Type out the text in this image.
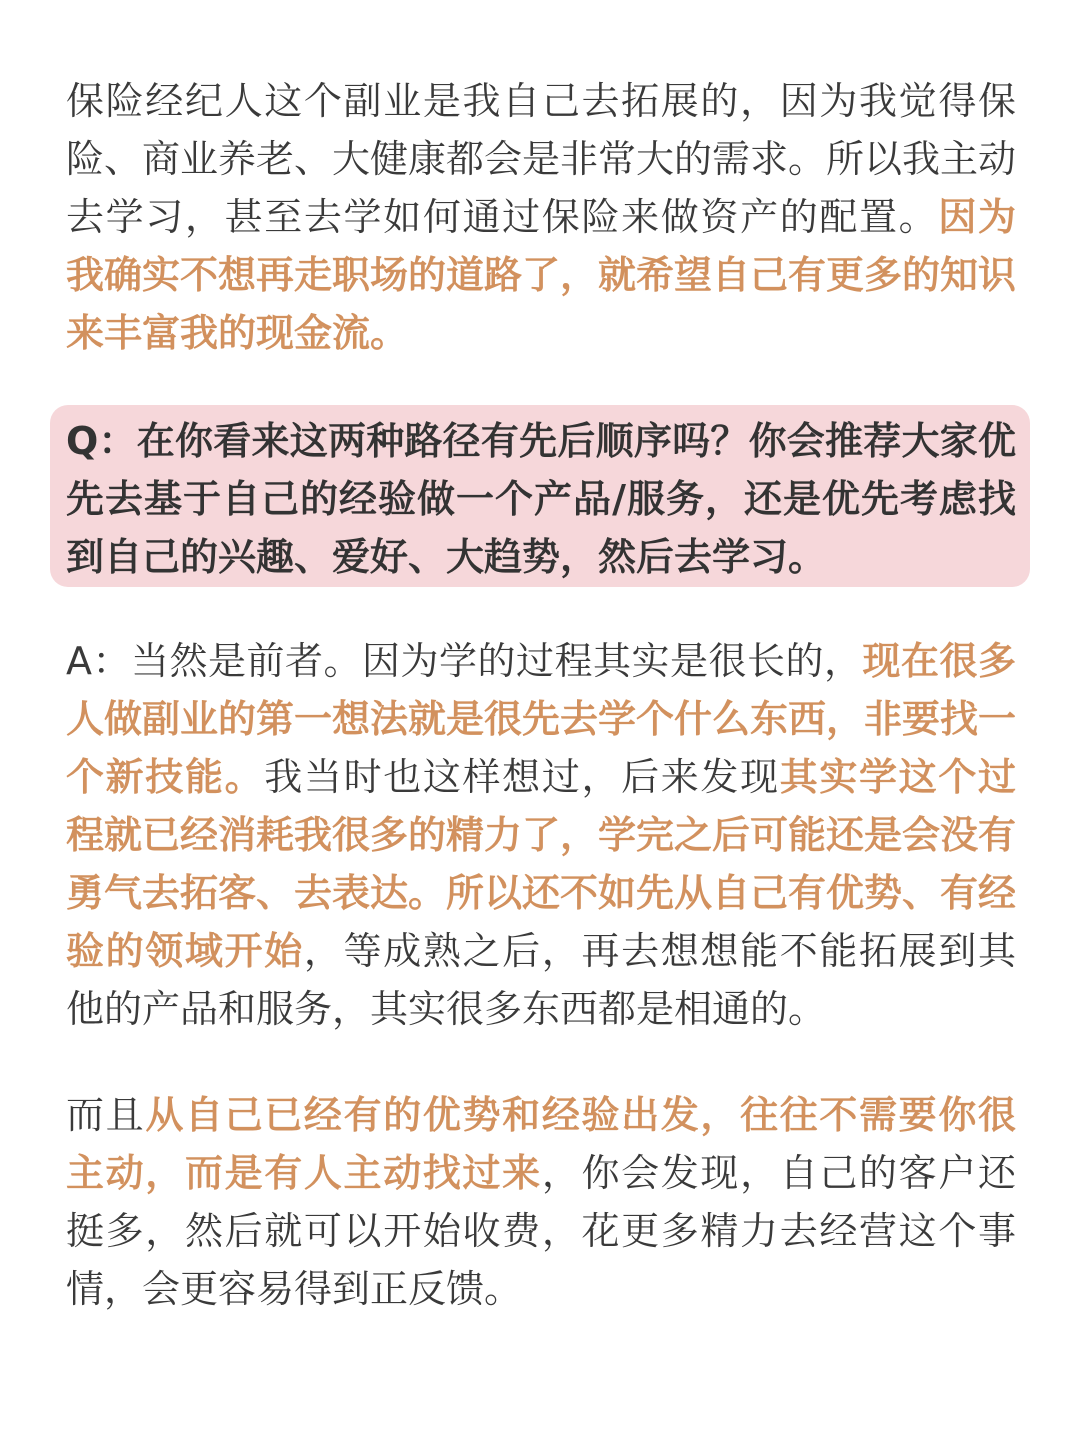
保险经纪人这个副业是我自己去拓展的，因为我觉得保险、商业养老、大健康都会是非常大的需求。所以我主动去学习，甚至去学如何通过保险来做资产的配置。因为我确实不想再走职场的道路了，就希望自己有更多的知识来丰富我的现金流。

Q：在你看来这两种路径有先后顺序吗？你会推荐大家优先去基于自己的经验做一个产品/服务，还是优先考虑找到自己的兴趣、爱好、大趋势，然后去学习。

A：当然是前者。因为学的过程其实是很长的，现在很多人做副业的第一想法就是很先去学个什么东西，非要找一个新技能。我当时也这样想过，后来发现其实学这个过程就已经消耗我很多的精力了，学完之后可能还是会没有勇气去拓客、去表达。所以还不如先从自己有优势、有经验的领域开始，等成熟之后，再去想想能不能拓展到其他的产品和服务，其实很多东西都是相通的。

而且从自己已经有的优势和经验出发，往往不需要你很主动，而是有人主动找过来，你会发现，自己的客户还挺多，然后就可以开始收费，花更多精力去经营这个事情，会更容易得到正反馈。
